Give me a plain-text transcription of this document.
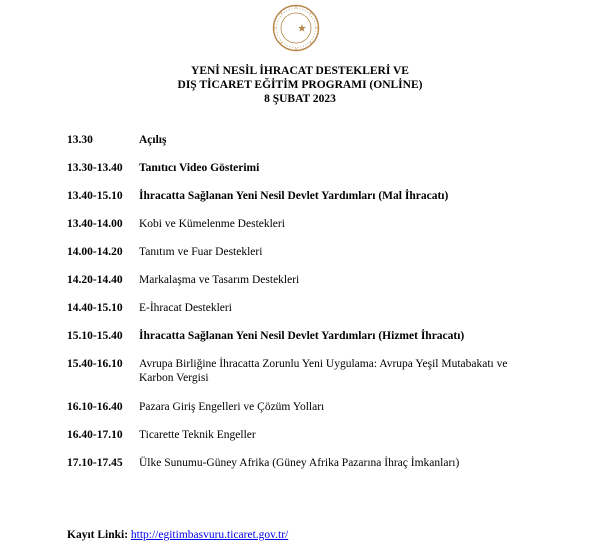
YENİ NESİL İHRACAT DESTEKLERİ VE
DIŞ TİCARET EĞİTİM PROGRAMI (ONLİNE)
8 ŞUBAT 2023
13.30	Açılış
13.30-13.40	Tanıtıcı Video Gösterimi
13.40-15.10	İhracatta Sağlanan Yeni Nesil Devlet Yardımları (Mal İhracatı)
13.40-14.00	Kobi ve Kümelenme Destekleri
14.00-14.20	Tanıtım ve Fuar Destekleri
14.20-14.40	Markalaşma ve Tasarım Destekleri
14.40-15.10	E-İhracat Destekleri
15.10-15.40	İhracatta Sağlanan Yeni Nesil Devlet Yardımları (Hizmet İhracatı)
15.40-16.10	Avrupa Birliğine İhracatta Zorunlu Yeni Uygulama: Avrupa Yeşil Mutabakatı ve Karbon Vergisi
16.10-16.40	Pazara Giriş Engelleri ve Çözüm Yolları
16.40-17.10	Ticarette Teknik Engeller
17.10-17.45	Ülke Sunumu-Güney Afrika (Güney Afrika Pazarına İhraç İmkanları)
Kayıt Linki: http://egitimbasvuru.ticaret.gov.tr/
